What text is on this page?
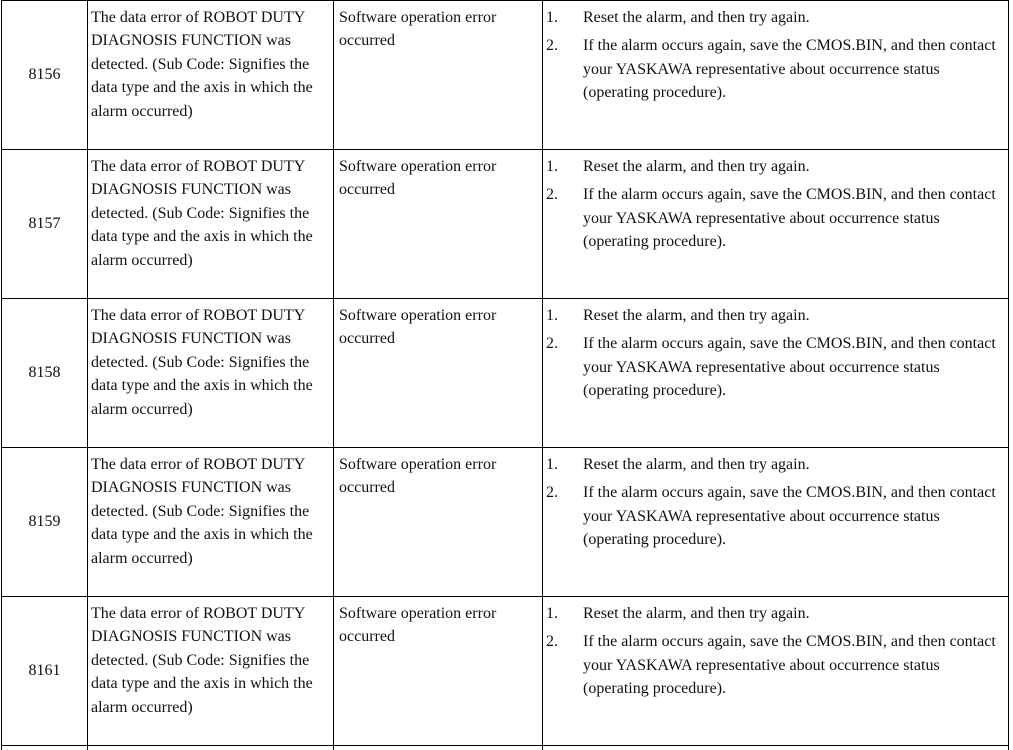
8156	The data error of ROBOT DUTY DIAGNOSIS FUNCTION was detected. (Sub Code: Signifies the data type and the axis in which the alarm occurred)	Software operation error occurred	1. Reset the alarm, and then try again.
2. If the alarm occurs again, save the CMOS.BIN, and then contact your YASKAWA representative about occurrence status (operating procedure).

8157	The data error of ROBOT DUTY DIAGNOSIS FUNCTION was detected. (Sub Code: Signifies the data type and the axis in which the alarm occurred)	Software operation error occurred	1. Reset the alarm, and then try again.
2. If the alarm occurs again, save the CMOS.BIN, and then contact your YASKAWA representative about occurrence status (operating procedure).

8158	The data error of ROBOT DUTY DIAGNOSIS FUNCTION was detected. (Sub Code: Signifies the data type and the axis in which the alarm occurred)	Software operation error occurred	1. Reset the alarm, and then try again.
2. If the alarm occurs again, save the CMOS.BIN, and then contact your YASKAWA representative about occurrence status (operating procedure).

8159	The data error of ROBOT DUTY DIAGNOSIS FUNCTION was detected. (Sub Code: Signifies the data type and the axis in which the alarm occurred)	Software operation error occurred	1. Reset the alarm, and then try again.
2. If the alarm occurs again, save the CMOS.BIN, and then contact your YASKAWA representative about occurrence status (operating procedure).

8161	The data error of ROBOT DUTY DIAGNOSIS FUNCTION was detected. (Sub Code: Signifies the data type and the axis in which the alarm occurred)	Software operation error occurred	1. Reset the alarm, and then try again.
2. If the alarm occurs again, save the CMOS.BIN, and then contact your YASKAWA representative about occurrence status (operating procedure).
